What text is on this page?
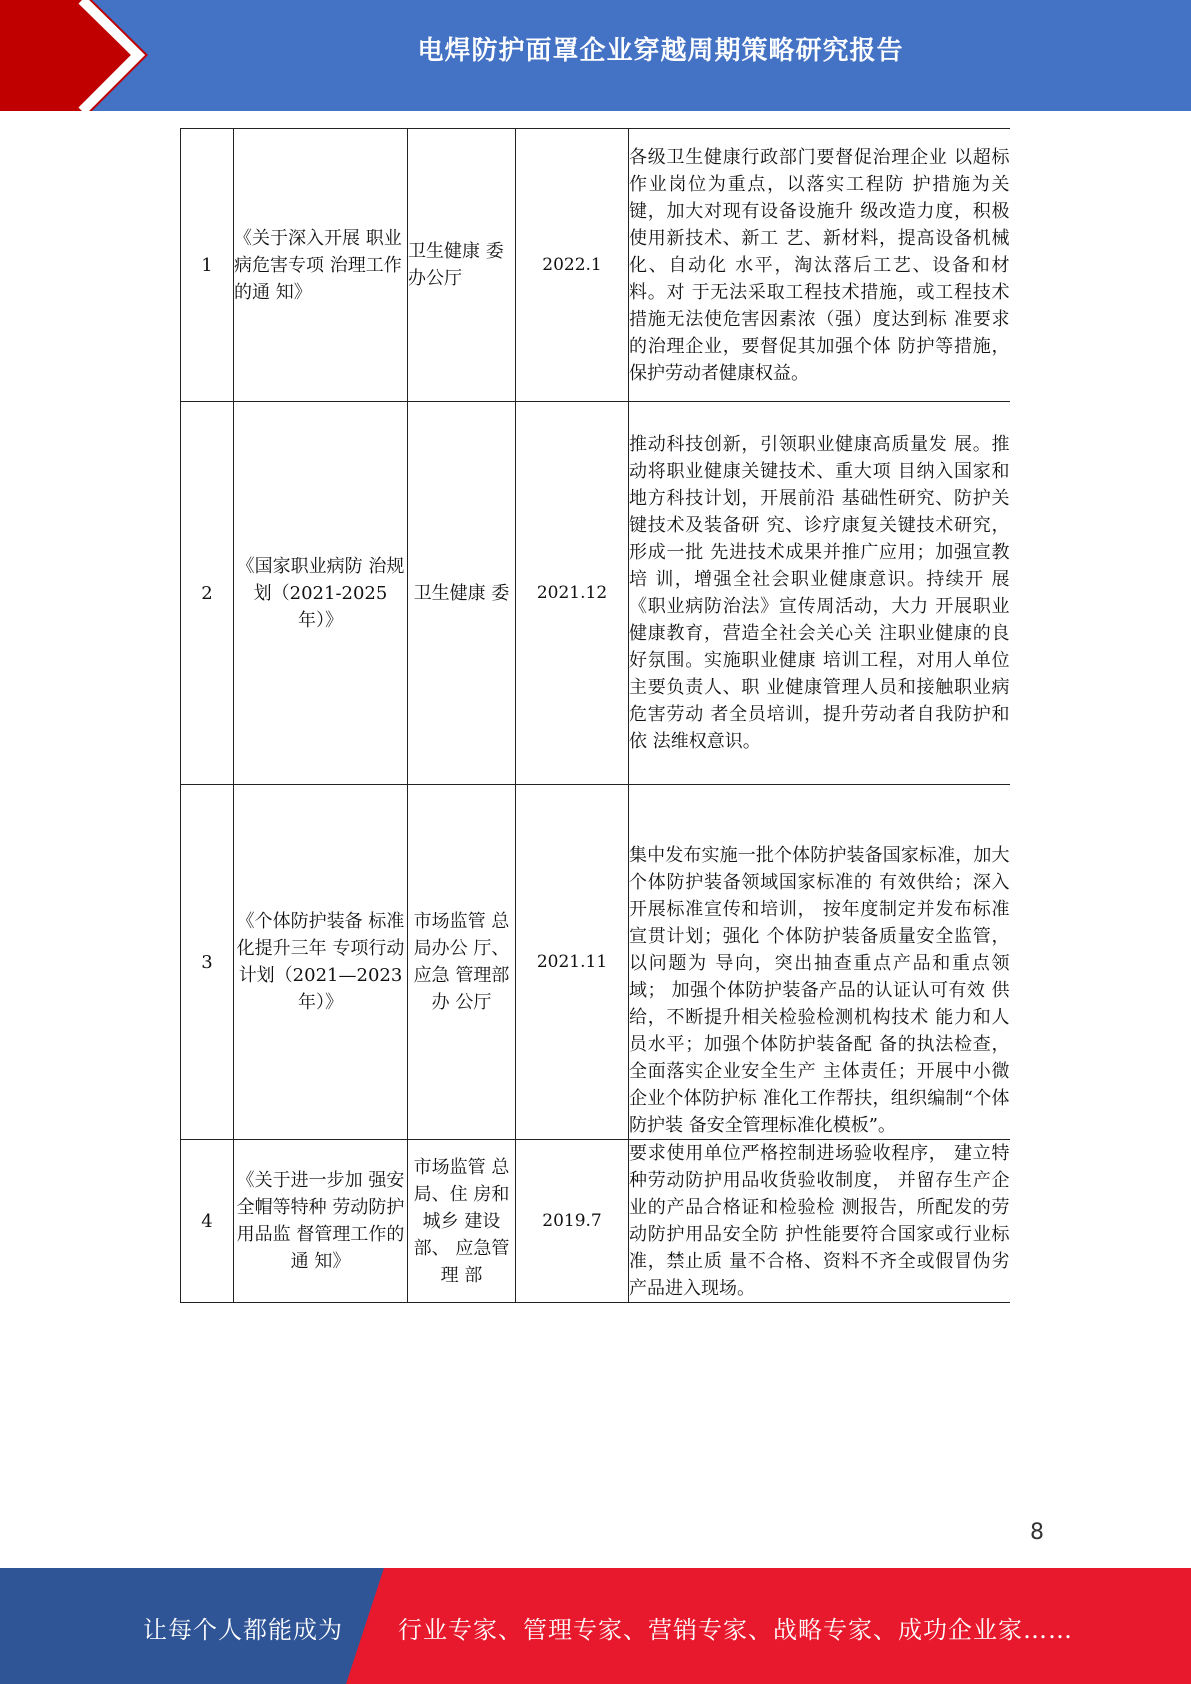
电焊防护面罩企业穿越周期策略研究报告
1	《关于深入开展 职业病危害专项 治理工作的通 知》	卫生健康 委办公厅	2022.1	各级卫生健康行政部门要督促治理企业 以超标作业岗位为重点，以落实工程防 护措施为关键，加大对现有设备设施升 级改造力度，积极使用新技术、新工 艺、新材料，提高设备机械化、自动化 水平，淘汰落后工艺、设备和材料。对 于无法采取工程技术措施，或工程技术 措施无法使危害因素浓（强）度达到标 准要求的治理企业，要督促其加强个体 防护等措施，保护劳动者健康权益。
2	《国家职业病防 治规划（2021-2025 年）》	卫生健康 委	2021.12	推动科技创新，引领职业健康高质量发 展。推动将职业健康关键技术、重大项 目纳入国家和地方科技计划，开展前沿 基础性研究、防护关键技术及装备研 究、诊疗康复关键技术研究，形成一批 先进技术成果并推广应用；加强宣教培 训，增强全社会职业健康意识。持续开 展《职业病防治法》宣传周活动，大力 开展职业健康教育，营造全社会关心关 注职业健康的良好氛围。实施职业健康 培训工程，对用人单位主要负责人、职 业健康管理人员和接触职业病危害劳动 者全员培训，提升劳动者自我防护和依 法维权意识。
3	《个体防护装备 标准化提升三年 专项行动计划（2021—2023 年）》	市场监管 总局办公 厅、应急 管理部办 公厅	2021.11	集中发布实施一批个体防护装备国家标准，加大个体防护装备领域国家标准的 有效供给；深入开展标准宣传和培训， 按年度制定并发布标准宣贯计划；强化 个体防护装备质量安全监管，以问题为 导向，突出抽查重点产品和重点领域； 加强个体防护装备产品的认证认可有效 供给，不断提升相关检验检测机构技术 能力和人员水平；加强个体防护装备配 备的执法检查，全面落实企业安全生产 主体责任；开展中小微企业个体防护标 准化工作帮扶，组织编制“个体防护装 备安全管理标准化模板”。
4	《关于进一步加 强安全帽等特种 劳动防护用品监 督管理工作的通 知》	市场监管 总局、住 房和城乡 建设部、 应急管理 部	2019.7	要求使用单位严格控制进场验收程序， 建立特种劳动防护用品收货验收制度， 并留存生产企业的产品合格证和检验检 测报告，所配发的劳动防护用品安全防 护性能要符合国家或行业标准，禁止质 量不合格、资料不齐全或假冒伪劣产品进入现场。
8
让每个人都能成为 行业专家、管理专家、营销专家、战略专家、成功企业家……
